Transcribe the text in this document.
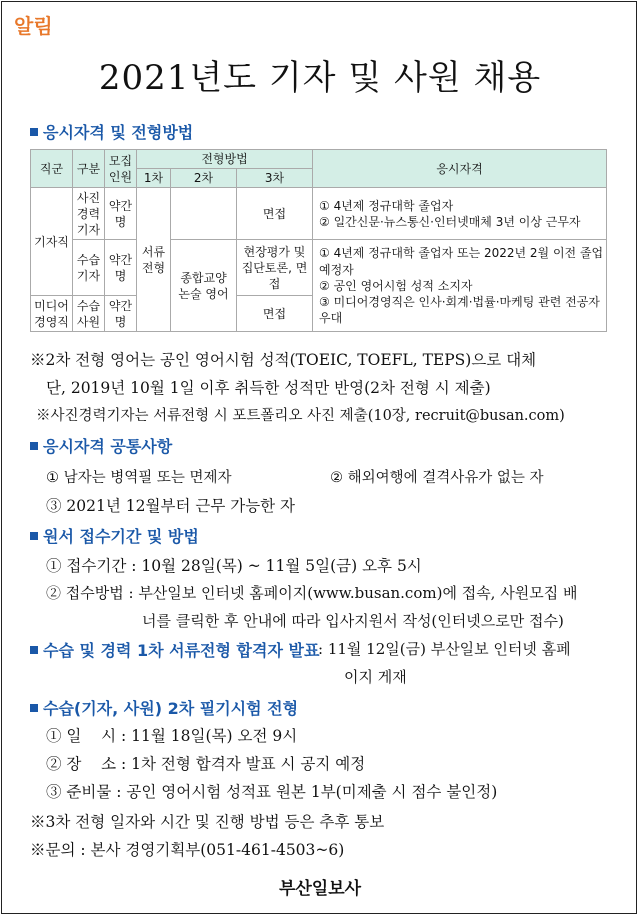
알림
2021년도 기자 및 사원 채용
응시자격 및 전형방법
직군	구분	모집 인원	전형방법			응시자격
			1차	2차	3차	
기자직	사진 경력 기자	약간 명	서류 전형		면접	① 4년제 정규대학 졸업자
② 일간신문·뉴스통신·인터넷매체 3년 이상 근무자

	수습 기자	약간 명		종합교양 논술 영어	현장평가 및 집단토론, 면접	① 4년제 정규대학 졸업자 또는 2022년 2월 이전 졸업예정자
② 공인 영어시험 성적 소지자
③ 미디어경영직은 인사·회계·법률·마케팅 관련 전공자 우대

미디어 경영직	수습 사원	약간 명			면접	
※2차 전형 영어는 공인 영어시험 성적(TOEIC, TOEFL, TEPS)으로 대체
단, 2019년 10월 1일 이후 취득한 성적만 반영(2차 전형 시 제출)
※사진경력기자는 서류전형 시 포트폴리오 사진 제출(10장, recruit@busan.com)
응시자격 공통사항
① 남자는 병역필 또는 면제자	② 해외여행에 결격사유가 없는 자
③ 2021년 12월부터 근무 가능한 자
원서 접수기간 및 방법
① 접수기간 : 10월 28일(목) ~ 11월 5일(금) 오후 5시
② 접수방법 : 부산일보 인터넷 홈페이지(www.busan.com)에 접속, 사원모집 배
너를 클릭한 후 안내에 따라 입사지원서 작성(인터넷으로만 접수)
수습 및 경력 1차 서류전형 합격자 발표
: 11월 12일(금) 부산일보 인터넷 홈페
이지 게재
수습(기자, 사원) 2차 필기시험 전형
① 일    시 : 11월 18일(목) 오전 9시
② 장    소 : 1차 전형 합격자 발표 시 공지 예정
③ 준비물 : 공인 영어시험 성적표 원본 1부(미제출 시 점수 불인정)
※3차 전형 일자와 시간 및 진행 방법 등은 추후 통보
※문의 : 본사 경영기획부(051-461-4503~6)
부산일보사
